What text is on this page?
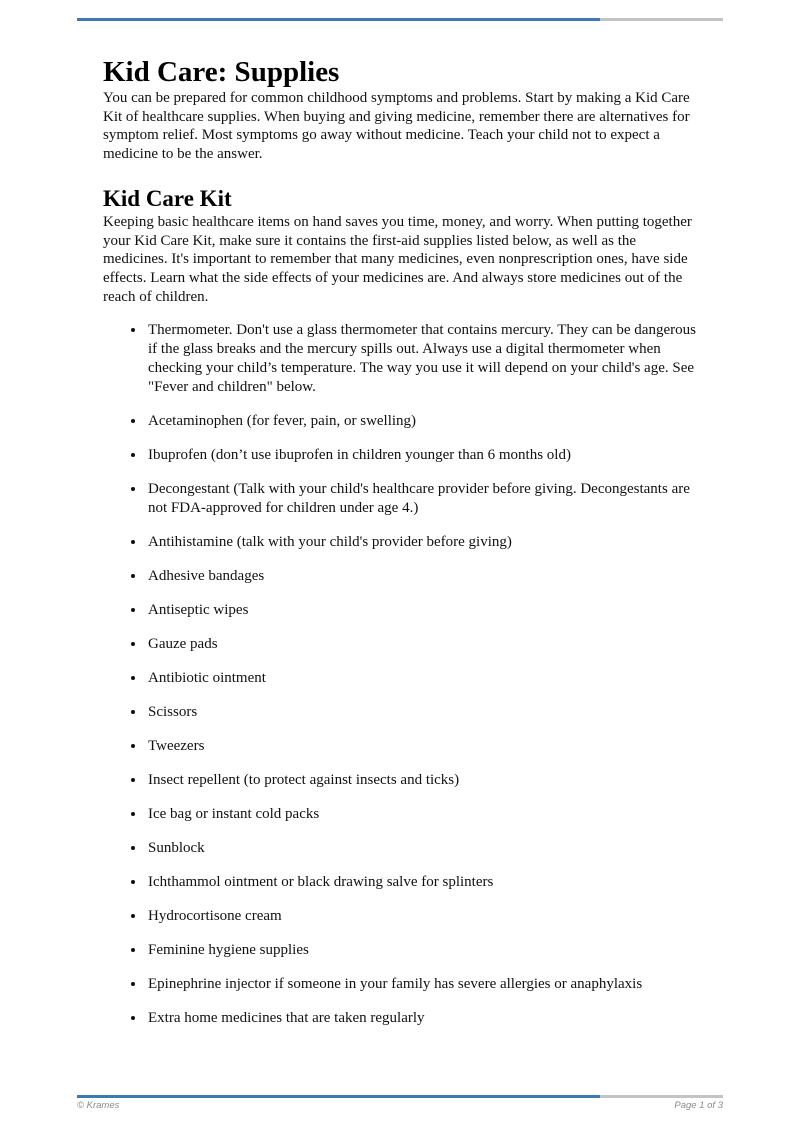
Kid Care: Supplies

You can be prepared for common childhood symptoms and problems. Start by making a Kid Care Kit of healthcare supplies. When buying and giving medicine, remember there are alternatives for symptom relief. Most symptoms go away without medicine. Teach your child not to expect a medicine to be the answer.

Kid Care Kit

Keeping basic healthcare items on hand saves you time, money, and worry. When putting together your Kid Care Kit, make sure it contains the first-aid supplies listed below, as well as the medicines. It's important to remember that many medicines, even nonprescription ones, have side effects. Learn what the side effects of your medicines are. And always store medicines out of the reach of children.

• Thermometer. Don't use a glass thermometer that contains mercury. They can be dangerous if the glass breaks and the mercury spills out. Always use a digital thermometer when checking your child’s temperature. The way you use it will depend on your child's age. See "Fever and children" below.
• Acetaminophen (for fever, pain, or swelling)
• Ibuprofen (don’t use ibuprofen in children younger than 6 months old)
• Decongestant (Talk with your child's healthcare provider before giving. Decongestants are not FDA-approved for children under age 4.)
• Antihistamine (talk with your child's provider before giving)
• Adhesive bandages
• Antiseptic wipes
• Gauze pads
• Antibiotic ointment
• Scissors
• Tweezers
• Insect repellent (to protect against insects and ticks)
• Ice bag or instant cold packs
• Sunblock
• Ichthammol ointment or black drawing salve for splinters
• Hydrocortisone cream
• Feminine hygiene supplies
• Epinephrine injector if someone in your family has severe allergies or anaphylaxis
• Extra home medicines that are taken regularly
© Krames	Page 1 of 3
